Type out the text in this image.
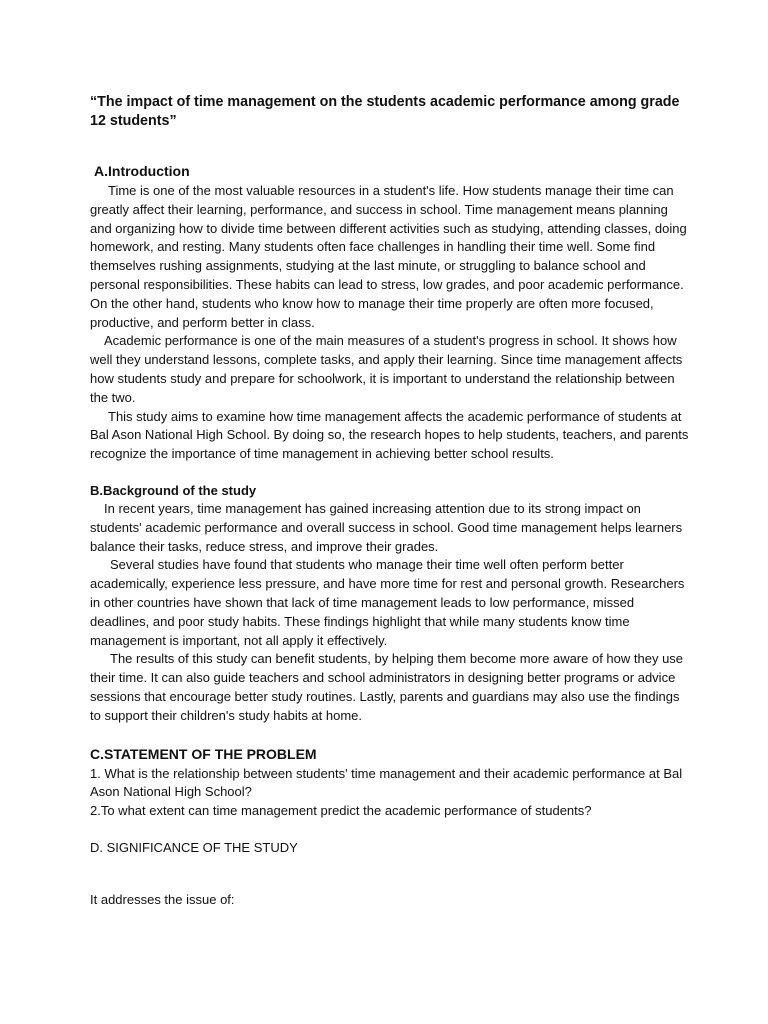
“The impact of time management on the students academic performance among grade 12 students”
A.Introduction

Time is one of the most valuable resources in a student's life. How students manage their time can greatly affect their learning, performance, and success in school. Time management means planning and organizing how to divide time between different activities such as studying, attending classes, doing homework, and resting. Many students often face challenges in handling their time well. Some find themselves rushing assignments, studying at the last minute, or struggling to balance school and personal responsibilities. These habits can lead to stress, low grades, and poor academic performance. On the other hand, students who know how to manage their time properly are often more focused, productive, and perform better in class.

Academic performance is one of the main measures of a student's progress in school. It shows how well they understand lessons, complete tasks, and apply their learning. Since time management affects how students study and prepare for schoolwork, it is important to understand the relationship between the two.

This study aims to examine how time management affects the academic performance of students at Bal Ason National High School. By doing so, the research hopes to help students, teachers, and parents recognize the importance of time management in achieving better school results.

B.Background of the study

In recent years, time management has gained increasing attention due to its strong impact on students' academic performance and overall success in school. Good time management helps learners balance their tasks, reduce stress, and improve their grades.

Several studies have found that students who manage their time well often perform better academically, experience less pressure, and have more time for rest and personal growth. Researchers in other countries have shown that lack of time management leads to low performance, missed deadlines, and poor study habits. These findings highlight that while many students know time management is important, not all apply it effectively.

The results of this study can benefit students, by helping them become more aware of how they use their time. It can also guide teachers and school administrators in designing better programs or advice sessions that encourage better study routines. Lastly, parents and guardians may also use the findings to support their children's study habits at home.

C.STATEMENT OF THE PROBLEM

1. What is the relationship between students' time management and their academic performance at Bal Ason National High School?

2.To what extent can time management predict the academic performance of students?

D. SIGNIFICANCE OF THE STUDY

It addresses the issue of:
